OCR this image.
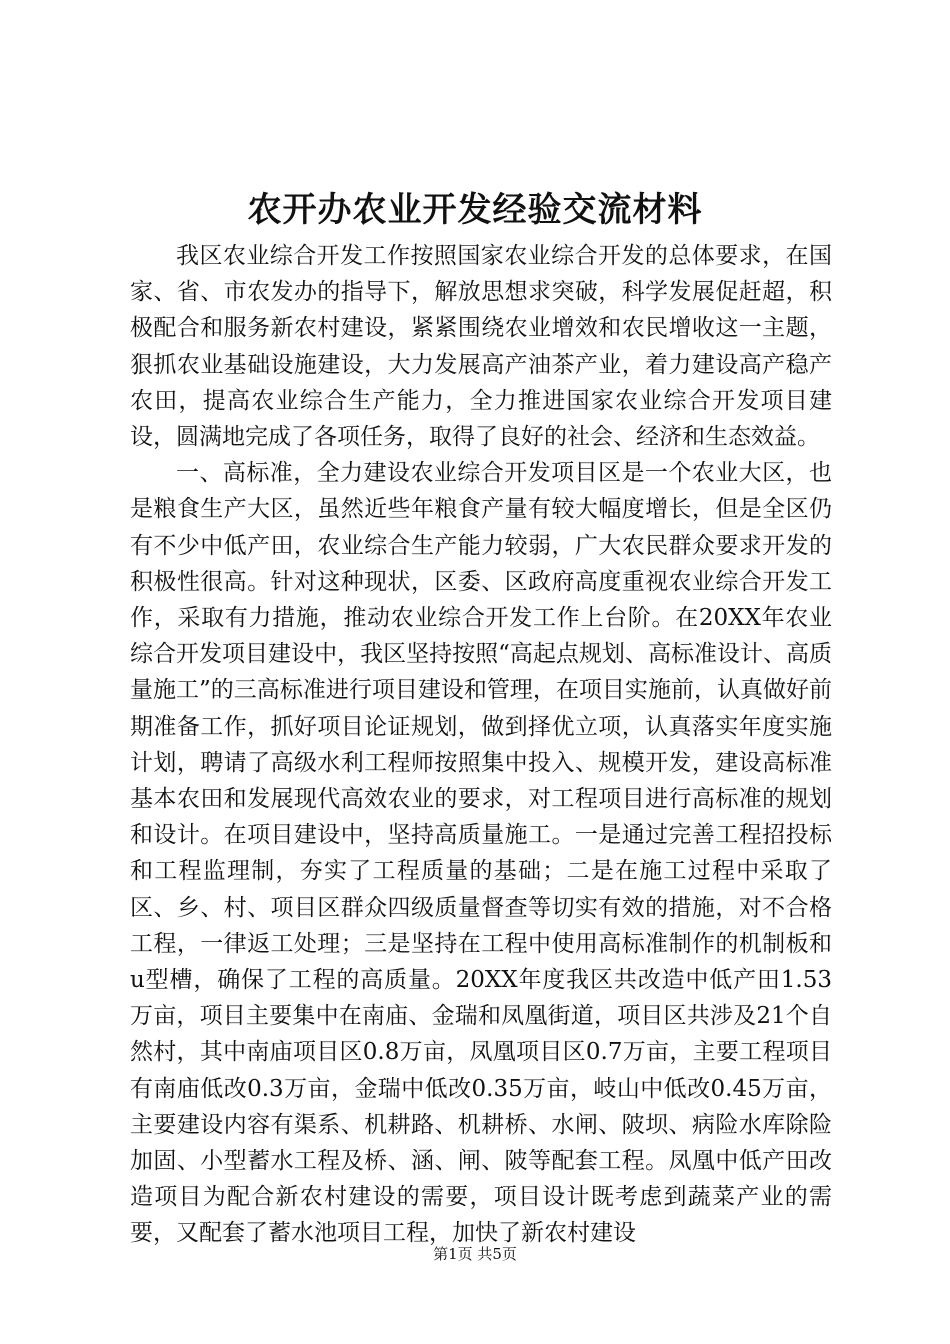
农开办农业开发经验交流材料

我区农业综合开发工作按照国家农业综合开发的总体要求，在国家、省、市农发办的指导下，解放思想求突破，科学发展促赶超，积极配合和服务新农村建设，紧紧围绕农业增效和农民增收这一主题，狠抓农业基础设施建设，大力发展高产油茶产业，着力建设高产稳产农田，提高农业综合生产能力，全力推进国家农业综合开发项目建设，圆满地完成了各项任务，取得了良好的社会、经济和生态效益。

一、高标准，全力建设农业综合开发项目区是一个农业大区，也是粮食生产大区，虽然近些年粮食产量有较大幅度增长，但是全区仍有不少中低产田，农业综合生产能力较弱，广大农民群众要求开发的积极性很高。针对这种现状，区委、区政府高度重视农业综合开发工作，采取有力措施，推动农业综合开发工作上台阶。在20XX年农业综合开发项目建设中，我区坚持按照“高起点规划、高标准设计、高质量施工”的三高标准进行项目建设和管理，在项目实施前，认真做好前期准备工作，抓好项目论证规划，做到择优立项，认真落实年度实施计划，聘请了高级水利工程师按照集中投入、规模开发，建设高标准基本农田和发展现代高效农业的要求，对工程项目进行高标准的规划和设计。在项目建设中，坚持高质量施工。一是通过完善工程招投标和工程监理制，夯实了工程质量的基础；二是在施工过程中采取了区、乡、村、项目区群众四级质量督查等切实有效的措施，对不合格工程，一律返工处理；三是坚持在工程中使用高标准制作的机制板和u型槽，确保了工程的高质量。20XX年度我区共改造中低产田1.53万亩，项目主要集中在南庙、金瑞和凤凰街道，项目区共涉及21个自然村，其中南庙项目区0.8万亩，凤凰项目区0.7万亩，主要工程项目有南庙低改0.3万亩，金瑞中低改0.35万亩，岐山中低改0.45万亩，主要建设内容有渠系、机耕路、机耕桥、水闸、陂坝、病险水库除险加固、小型蓄水工程及桥、涵、闸、陂等配套工程。凤凰中低产田改造项目为配合新农村建设的需要，项目设计既考虑到蔬菜产业的需要，又配套了蓄水池项目工程，加快了新农村建设

第1页 共5页
